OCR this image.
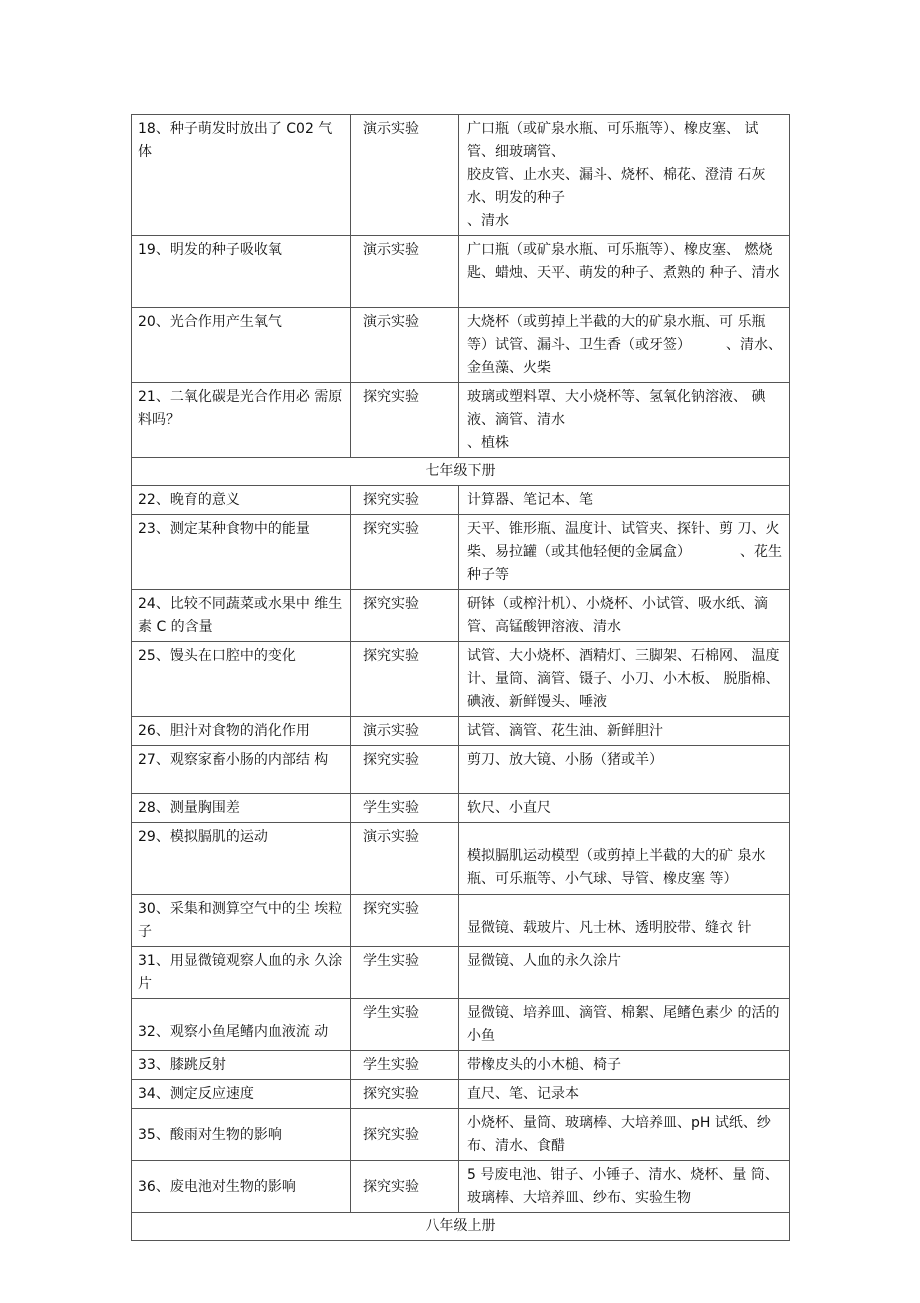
18、种子萌发时放出了 C02 气体	演示实验	广口瓶（或矿泉水瓶、可乐瓶等）、橡皮塞、 试管、细玻璃管、
胶皮管、止水夹、漏斗、烧杯、棉花、澄清 石灰水、明发的种子
、清水
19、明发的种子吸收氧	演示实验	广口瓶（或矿泉水瓶、可乐瓶等）、橡皮塞、 燃烧匙、蜡烛、天平、萌发的种子、煮熟的 种子、清水
20、光合作用产生氧气	演示实验	大烧杯（或剪掉上半截的大的矿泉水瓶、可 乐瓶等）试管、漏斗、卫生香（或牙签）　　　、清水、金鱼藻、火柴
21、二氧化碳是光合作用必 需原料吗？	探究实验	玻璃或塑料罩、大小烧杯等、氢氧化钠溶液、 碘液、滴管、清水
、植株
七年级下册		
22、晚育的意义	探究实验	计算器、笔记本、笔
23、测定某种食物中的能量	探究实验	天平、锥形瓶、温度计、试管夹、探针、剪 刀、火柴、易拉罐（或其他轻便的金属盒）　　　　、花生种子等
24、比较不同蔬菜或水果中 维生素 C 的含量	探究实验	研钵（或榨汁机）、小烧杯、小试管、吸水纸、滴管、高锰酸钾溶液、清水
25、馒头在口腔中的变化	探究实验	试管、大小烧杯、酒精灯、三脚架、石棉网、 温度计、量筒、滴管、镊子、小刀、小木板、 脱脂棉、碘液、新鲜馒头、唾液
26、胆汁对食物的消化作用	演示实验	试管、滴管、花生油、新鲜胆汁
27、观察家畜小肠的内部结 构	探究实验	剪刀、放大镜、小肠（猪或羊）
28、测量胸围差	学生实验	软尺、小直尺
29、模拟膈肌的运动	演示实验	模拟膈肌运动模型（或剪掉上半截的大的矿 泉水瓶、可乐瓶等、小气球、导管、橡皮塞 等）
30、采集和测算空气中的尘 埃粒子	探究实验	显微镜、载玻片、凡士林、透明胶带、缝衣 针
31、用显微镜观察人血的永 久涂片	学生实验	显微镜、人血的永久涂片
32、观察小鱼尾鳍内血液流 动	学生实验	显微镜、培养皿、滴管、棉絮、尾鳍色素少 的活的小鱼
33、膝跳反射	学生实验	带橡皮头的小木槌、椅子
34、测定反应速度	探究实验	直尺、笔、记录本
35、酸雨对生物的影响	探究实验	小烧杯、量筒、玻璃棒、大培养皿、pH 试纸、纱布、清水、食醋
36、废电池对生物的影响	探究实验	5 号废电池、钳子、小锤子、清水、烧杯、量 筒、玻璃棒、大培养皿、纱布、实验生物
八年级上册		
